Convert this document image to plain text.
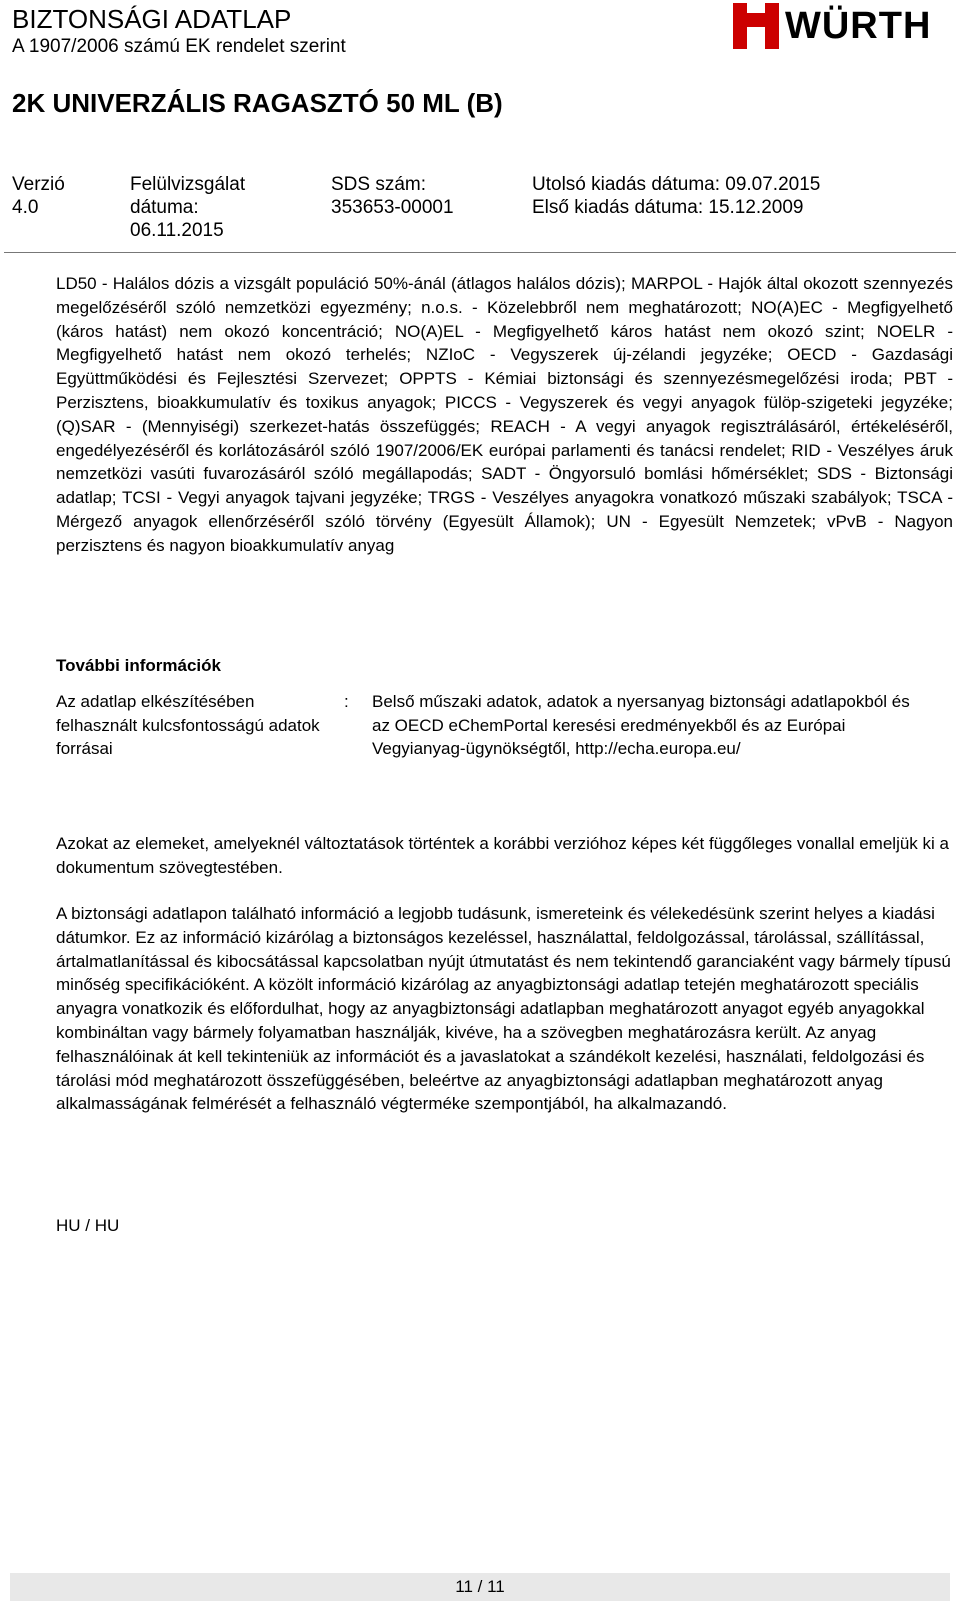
BIZTONSÁGI ADATLAP
A 1907/2006 számú EK rendelet szerint	WÜRTH
2K UNIVERZÁLIS RAGASZTÓ 50 ML (B)
Verzió
4.0
Felülvizsgálat
dátuma:
06.11.2015
SDS szám:
353653-00001
Utolsó kiadás dátuma: 09.07.2015
Első kiadás dátuma: 15.12.2009
LD50 - Halálos dózis a vizsgált populáció 50%-ánál (átlagos halálos dózis); MARPOL - Hajók által okozott szennyezés megelőzéséről szóló nemzetközi egyezmény; n.o.s. - Közelebbről nem meghatározott; NO(A)EC - Megfigyelhető (káros hatást) nem okozó koncentráció; NO(A)EL - Megfigyelhető káros hatást nem okozó szint; NOELR - Megfigyelhető hatást nem okozó terhelés; NZIoC - Vegyszerek új-zélandi jegyzéke; OECD - Gazdasági Együttműködési és Fejlesztési Szervezet; OPPTS - Kémiai biztonsági és szennyezésmegelőzési iroda; PBT - Perzisztens, bioakkumulatív és toxikus anyagok; PICCS - Vegyszerek és vegyi anyagok fülöp-szigeteki jegyzéke; (Q)SAR - (Mennyiségi) szerkezet-hatás összefüggés; REACH - A vegyi anyagok regisztrálásáról, értékeléséről, engedélyezéséről és korlátozásáról szóló 1907/2006/EK európai parlamenti és tanácsi rendelet; RID - Veszélyes áruk nemzetközi vasúti fuvarozásáról szóló megállapodás; SADT - Öngyorsuló bomlási hőmérséklet; SDS - Biztonsági adatlap; TCSI - Vegyi anyagok tajvani jegyzéke; TRGS - Veszélyes anyagokra vonatkozó műszaki szabályok; TSCA - Mérgező anyagok ellenőrzéséről szóló törvény (Egyesült Államok); UN - Egyesült Nemzetek; vPvB - Nagyon perzisztens és nagyon bioakkumulatív anyag
További információk
Az adatlap elkészítésében felhasznált kulcsfontosságú adatok forrásai
: Belső műszaki adatok, adatok a nyersanyag biztonsági adatlapokból és az OECD eChemPortal keresési eredményekből és az Európai Vegyianyag-ügynökségtől, http://echa.europa.eu/
Azokat az elemeket, amelyeknél változtatások történtek a korábbi verzióhoz képes két függőleges vonallal emeljük ki a dokumentum szövegtestében.
A biztonsági adatlapon található információ a legjobb tudásunk, ismereteink és vélekedésünk szerint helyes a kiadási dátumkor. Ez az információ kizárólag a biztonságos kezeléssel, használattal, feldolgozással, tárolással, szállítással, ártalmatlanítással és kibocsátással kapcsolatban nyújt útmutatást és nem tekintendő garanciaként vagy bármely típusú minőség specifikációként. A közölt információ kizárólag az anyagbiztonsági adatlap tetején meghatározott speciális anyagra vonatkozik és előfordulhat, hogy az anyagbiztonsági adatlapban meghatározott anyagot egyéb anyagokkal kombináltan vagy bármely folyamatban használják, kivéve, ha a szövegben meghatározásra került. Az anyag felhasználóinak át kell tekinteniük az információt és a javaslatokat a szándékolt kezelési, használati, feldolgozási és tárolási mód meghatározott összefüggésében, beleértve az anyagbiztonsági adatlapban meghatározott anyag alkalmasságának felmérését a felhasználó végterméke szempontjából, ha alkalmazandó.
HU / HU
11 / 11
